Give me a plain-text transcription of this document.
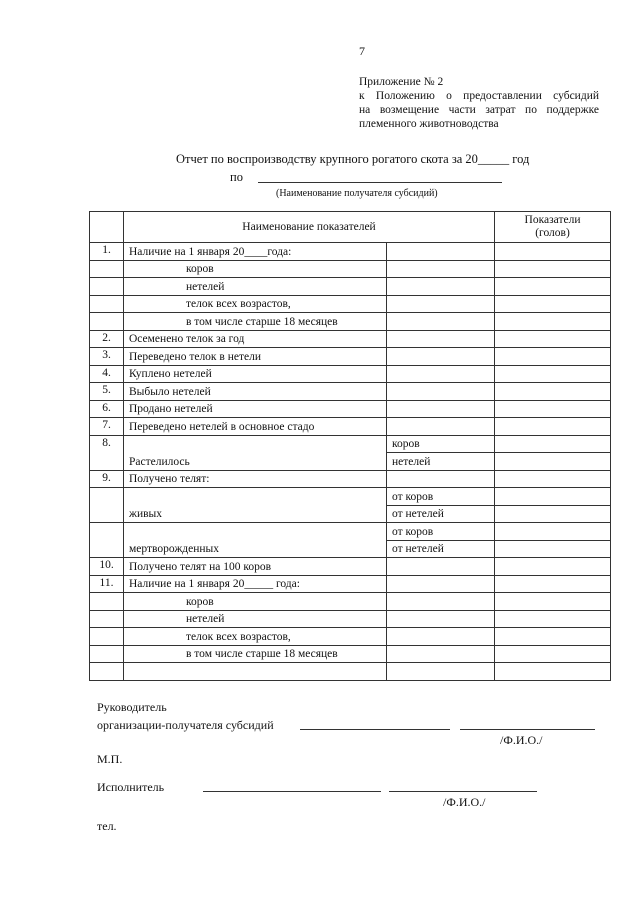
7
Приложение № 2
к Положению о предоставлении субсидий
на возмещение части затрат по поддержке
племенного животноводства
Отчет по воспроизводству крупного рогатого скота за 20_____ год
по
(Наименование получателя субсидий)
	Наименование показателей		Показатели
(голов)

1.	Наличие на 1 января 20____года:		
	коров		
	нетелей		
	телок всех возрастов,		
	в том числе старше 18 месяцев		
2.	Осеменено телок за год		
3.	Переведено телок в нетели		
4.	Куплено нетелей		
5.	Выбыло нетелей		
6.	Продано нетелей		
7.	Переведено нетелей в основное стадо		
8.	Растелилось	коров	
		нетелей	
9.	Получено телят:		
	живых	от коров	
		от нетелей	
	мертворожденных	от коров	
		от нетелей	
10.	Получено телят на 100 коров		
11.	Наличие на 1 января 20_____ года:		
	коров		
	нетелей		
	телок всех возрастов,		
	в том числе старше 18 месяцев		

Руководитель
организации-получателя субсидий
/Ф.И.О./
М.П.
Исполнитель
/Ф.И.О./
тел.
